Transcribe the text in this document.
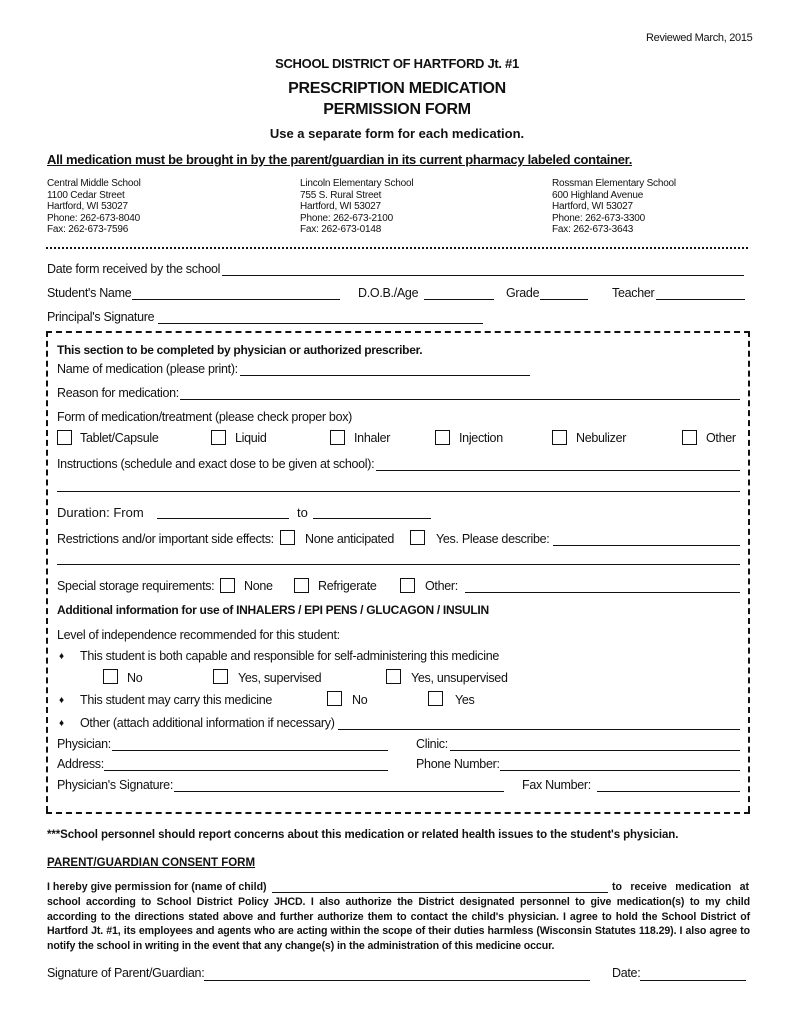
Reviewed March, 2015
SCHOOL DISTRICT OF HARTFORD Jt. #1
PRESCRIPTION MEDICATION
PERMISSION FORM
Use a separate form for each medication.
All medication must be brought in by the parent/guardian in its current pharmacy labeled container.
Central Middle School
1100 Cedar Street
Hartford, WI 53027
Phone: 262-673-8040
Fax: 262-673-7596
Lincoln Elementary School
755 S. Rural Street
Hartford, WI 53027
Phone: 262-673-2100
Fax: 262-673-0148
Rossman Elementary School
600 Highland Avenue
Hartford, WI 53027
Phone: 262-673-3300
Fax: 262-673-3643
Date form received by the school
Student's Name	D.O.B./Age	Grade	Teacher
Principal's Signature
This section to be completed by physician or authorized prescriber.
Name of medication (please print):
Reason for medication:
Form of medication/treatment (please check proper box)
Tablet/Capsule	Liquid	Inhaler	Injection	Nebulizer	Other
Instructions (schedule and exact dose to be given at school):
Duration: From	to
Restrictions and/or important side effects: None anticipated	Yes. Please describe:
Special storage requirements: None	Refrigerate	Other:
Additional information for use of INHALERS / EPI PENS / GLUCAGON / INSULIN
Level of independence recommended for this student:
♦ This student is both capable and responsible for self-administering this medicine
No	Yes, supervised	Yes, unsupervised
♦ This student may carry this medicine	No	Yes
♦ Other (attach additional information if necessary)
Physician:	Clinic:
Address:	Phone Number:
Physician's Signature:	Fax Number:
***School personnel should report concerns about this medication or related health issues to the student's physician.
PARENT/GUARDIAN CONSENT FORM
I hereby give permission for (name of child)	to receive medication at
school according to School District Policy JHCD. I also authorize the District designated personnel to give medication(s) to my child according to the directions stated above and further authorize them to contact the child's physician. I agree to hold the School District of Hartford Jt. #1, its employees and agents who are acting within the scope of their duties harmless (Wisconsin Statutes 118.29). I also agree to notify the school in writing in the event that any change(s) in the administration of this medicine occur.
Signature of Parent/Guardian:	Date:
